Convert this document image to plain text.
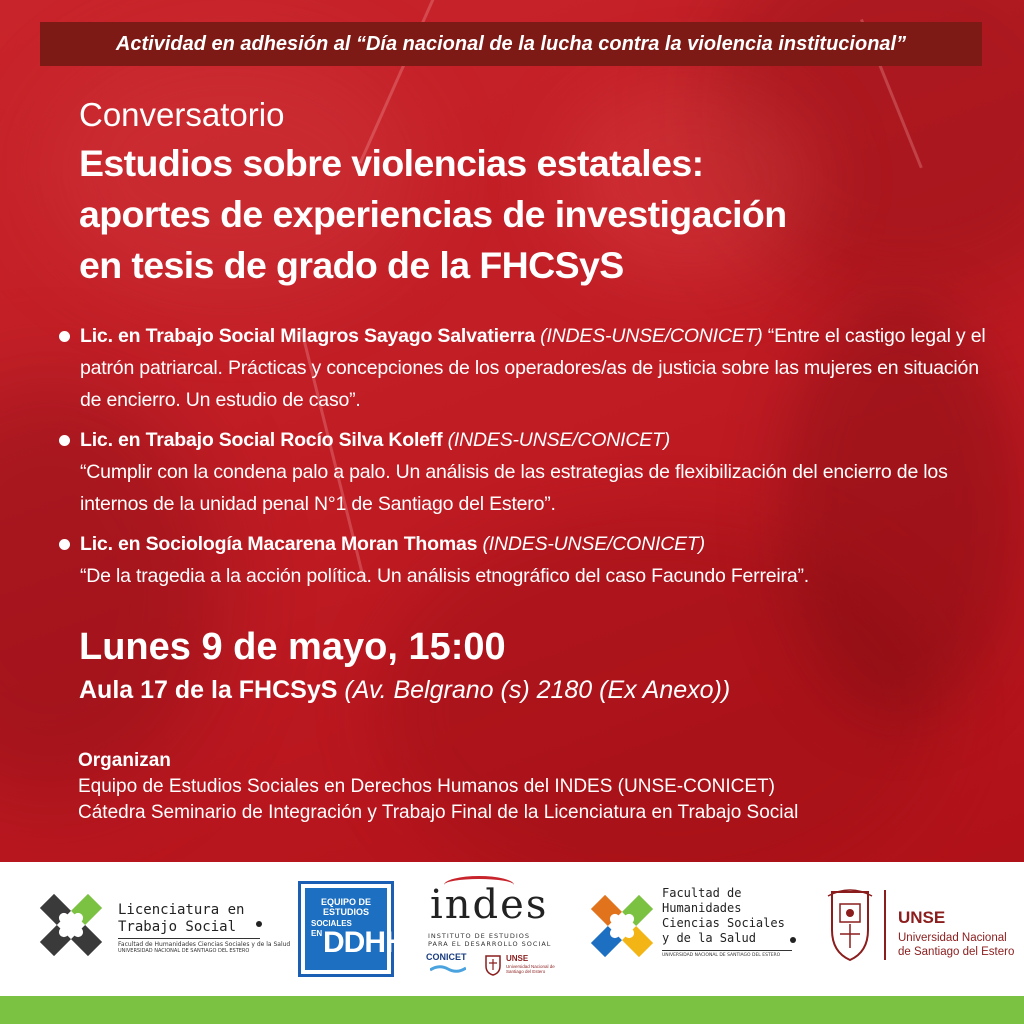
Actividad en adhesión al “Día nacional de la lucha contra la violencia institucional”
Conversatorio
Estudios sobre violencias estatales:
aportes de experiencias de investigación
en tesis de grado de la FHCSyS

Lic. en Trabajo Social Milagros Sayago Salvatierra (INDES-UNSE/CONICET) “Entre el castigo legal y el patrón patriarcal. Prácticas y concepciones de los operadores/as de justicia sobre las mujeres en situación de encierro. Un estudio de caso”.

Lic. en Trabajo Social Rocío Silva Koleff (INDES-UNSE/CONICET)
“Cumplir con la condena palo a palo. Un análisis de las estrategias de flexibilización del encierro de los internos de la unidad penal N°1 de Santiago del Estero”.

Lic. en Sociología Macarena Moran Thomas (INDES-UNSE/CONICET)
“De la tragedia a la acción política. Un análisis etnográfico del caso Facundo Ferreira”.

Lunes 9 de mayo, 15:00
Aula 17 de la FHCSyS (Av. Belgrano (s) 2180 (Ex Anexo))
Organizan
Equipo de Estudios Sociales en Derechos Humanos del INDES (UNSE-CONICET)
Cátedra Seminario de Integración y Trabajo Final de la Licenciatura en Trabajo Social
Licenciatura en
Trabajo Social
Facultad de Humanidades Ciencias Sociales y de la Salud
UNIVERSIDAD NACIONAL DE SANTIAGO DEL ESTERO
EQUIPO DE ESTUDIOS
SOCIALES
EN DDHH
indes
INSTITUTO DE ESTUDIOS
PARA EL DESARROLLO SOCIAL
CONICET	UNSE
Universidad Nacional de Santiago del Estero
Facultad de
Humanidades
Ciencias Sociales
y de la Salud
UNIVERSIDAD NACIONAL DE SANTIAGO DEL ESTERO
UNSE
Universidad Nacional
de Santiago del Estero
